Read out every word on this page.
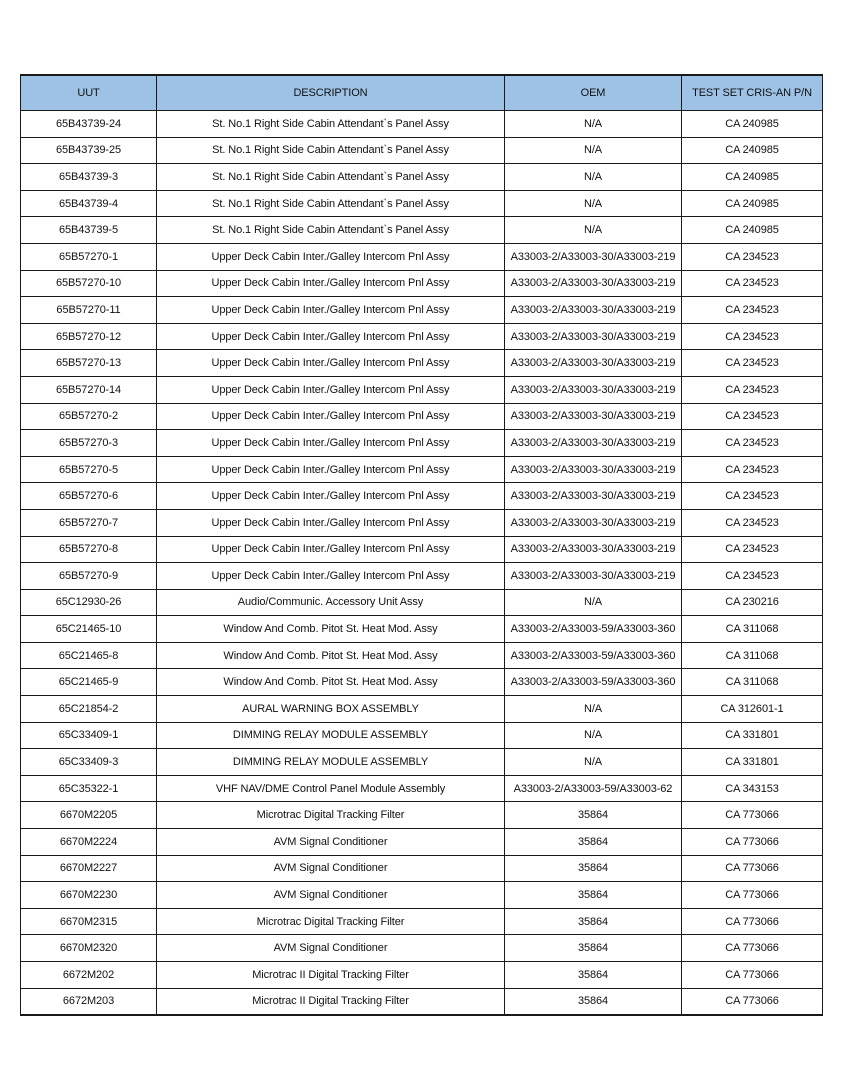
UUT	DESCRIPTION	OEM	TEST SET CRIS-AN P/N
65B43739-24	St. No.1 Right Side Cabin Attendant`s Panel Assy	N/A	CA 240985
65B43739-25	St. No.1 Right Side Cabin Attendant`s Panel Assy	N/A	CA 240985
65B43739-3	St. No.1 Right Side Cabin Attendant`s Panel Assy	N/A	CA 240985
65B43739-4	St. No.1 Right Side Cabin Attendant`s Panel Assy	N/A	CA 240985
65B43739-5	St. No.1 Right Side Cabin Attendant`s Panel Assy	N/A	CA 240985
65B57270-1	Upper Deck Cabin Inter./Galley Intercom Pnl Assy	A33003-2/A33003-30/A33003-219	CA 234523
65B57270-10	Upper Deck Cabin Inter./Galley Intercom Pnl Assy	A33003-2/A33003-30/A33003-219	CA 234523
65B57270-11	Upper Deck Cabin Inter./Galley Intercom Pnl Assy	A33003-2/A33003-30/A33003-219	CA 234523
65B57270-12	Upper Deck Cabin Inter./Galley Intercom Pnl Assy	A33003-2/A33003-30/A33003-219	CA 234523
65B57270-13	Upper Deck Cabin Inter./Galley Intercom Pnl Assy	A33003-2/A33003-30/A33003-219	CA 234523
65B57270-14	Upper Deck Cabin Inter./Galley Intercom Pnl Assy	A33003-2/A33003-30/A33003-219	CA 234523
65B57270-2	Upper Deck Cabin Inter./Galley Intercom Pnl Assy	A33003-2/A33003-30/A33003-219	CA 234523
65B57270-3	Upper Deck Cabin Inter./Galley Intercom Pnl Assy	A33003-2/A33003-30/A33003-219	CA 234523
65B57270-5	Upper Deck Cabin Inter./Galley Intercom Pnl Assy	A33003-2/A33003-30/A33003-219	CA 234523
65B57270-6	Upper Deck Cabin Inter./Galley Intercom Pnl Assy	A33003-2/A33003-30/A33003-219	CA 234523
65B57270-7	Upper Deck Cabin Inter./Galley Intercom Pnl Assy	A33003-2/A33003-30/A33003-219	CA 234523
65B57270-8	Upper Deck Cabin Inter./Galley Intercom Pnl Assy	A33003-2/A33003-30/A33003-219	CA 234523
65B57270-9	Upper Deck Cabin Inter./Galley Intercom Pnl Assy	A33003-2/A33003-30/A33003-219	CA 234523
65C12930-26	Audio/Communic. Accessory Unit Assy	N/A	CA 230216
65C21465-10	Window And Comb. Pitot St. Heat Mod. Assy	A33003-2/A33003-59/A33003-360	CA 311068
65C21465-8	Window And Comb. Pitot St. Heat Mod. Assy	A33003-2/A33003-59/A33003-360	CA 311068
65C21465-9	Window And Comb. Pitot St. Heat Mod. Assy	A33003-2/A33003-59/A33003-360	CA 311068
65C21854-2	AURAL WARNING BOX ASSEMBLY	N/A	CA 312601-1
65C33409-1	DIMMING RELAY MODULE ASSEMBLY	N/A	CA 331801
65C33409-3	DIMMING RELAY MODULE ASSEMBLY	N/A	CA 331801
65C35322-1	VHF NAV/DME Control Panel Module Assembly	A33003-2/A33003-59/A33003-62	CA 343153
6670M2205	Microtrac Digital Tracking Filter	35864	CA 773066
6670M2224	AVM Signal Conditioner	35864	CA 773066
6670M2227	AVM Signal Conditioner	35864	CA 773066
6670M2230	AVM Signal Conditioner	35864	CA 773066
6670M2315	Microtrac Digital Tracking Filter	35864	CA 773066
6670M2320	AVM Signal Conditioner	35864	CA 773066
6672M202	Microtrac II Digital Tracking Filter	35864	CA 773066
6672M203	Microtrac II Digital Tracking Filter	35864	CA 773066
